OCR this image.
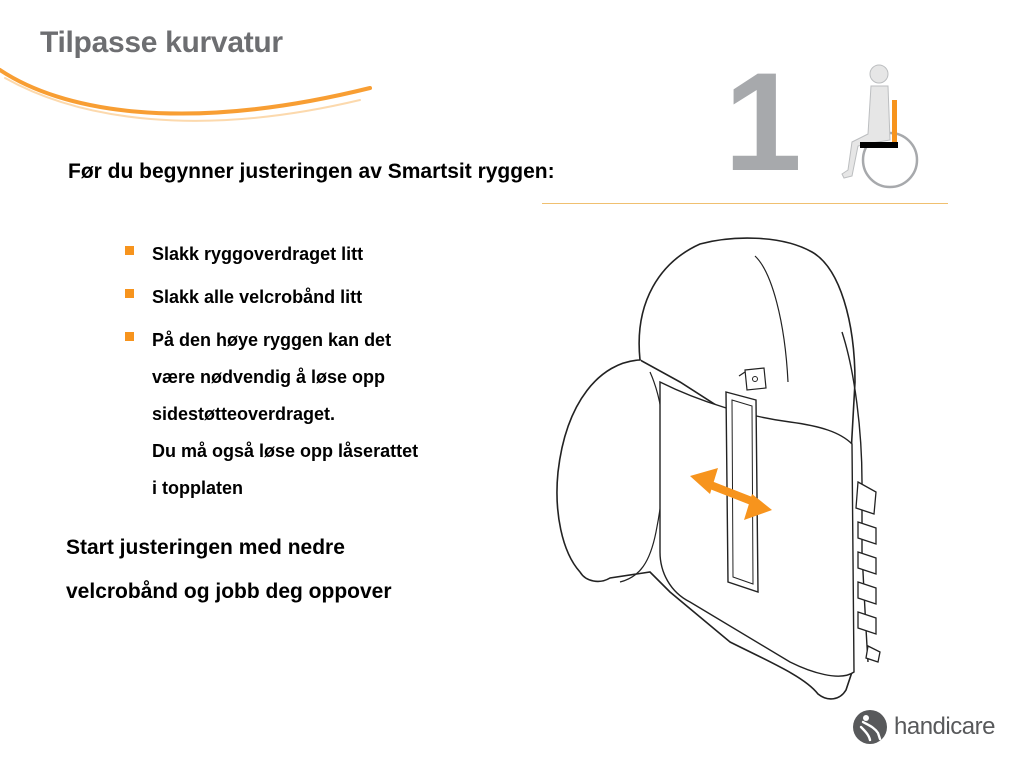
Tilpasse kurvatur
1
Før du begynner justeringen av Smartsit ryggen:
Slakk ryggoverdraget litt
Slakk alle velcrobånd litt
På den høye ryggen kan det
være nødvendig å løse opp
sidestøtteoverdraget.
Du må også løse opp låserattet
i topplaten
Start justeringen med nedre
velcrobånd og jobb deg oppover
handicare
